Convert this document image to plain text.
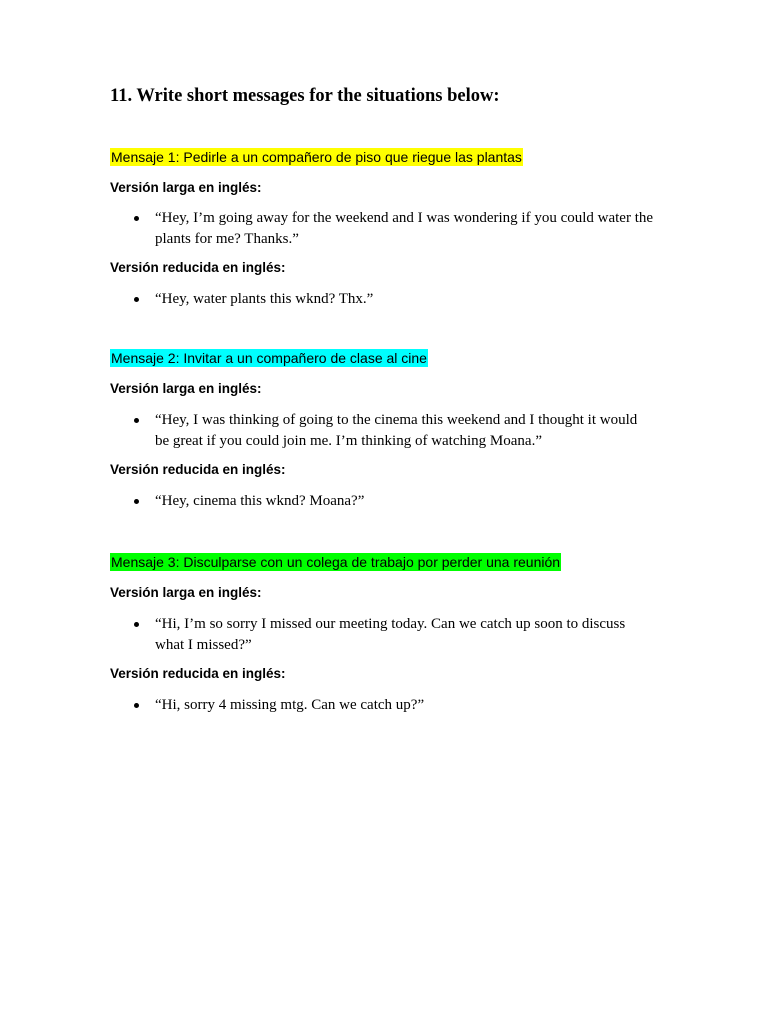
11. Write short messages for the situations below:
Mensaje 1: Pedirle a un compañero de piso que riegue las plantas

Versión larga en inglés:

“Hey, I’m going away for the weekend and I was wondering if you could water the plants for me? Thanks.”

Versión reducida en inglés:

“Hey, water plants this wknd? Thx.”

Mensaje 2: Invitar a un compañero de clase al cine

Versión larga en inglés:

“Hey, I was thinking of going to the cinema this weekend and I thought it would be great if you could join me. I’m thinking of watching Moana.”

Versión reducida en inglés:

“Hey, cinema this wknd? Moana?”

Mensaje 3: Disculparse con un colega de trabajo por perder una reunión

Versión larga en inglés:

“Hi, I’m so sorry I missed our meeting today. Can we catch up soon to discuss what I missed?”

Versión reducida en inglés:

“Hi, sorry 4 missing mtg. Can we catch up?”
